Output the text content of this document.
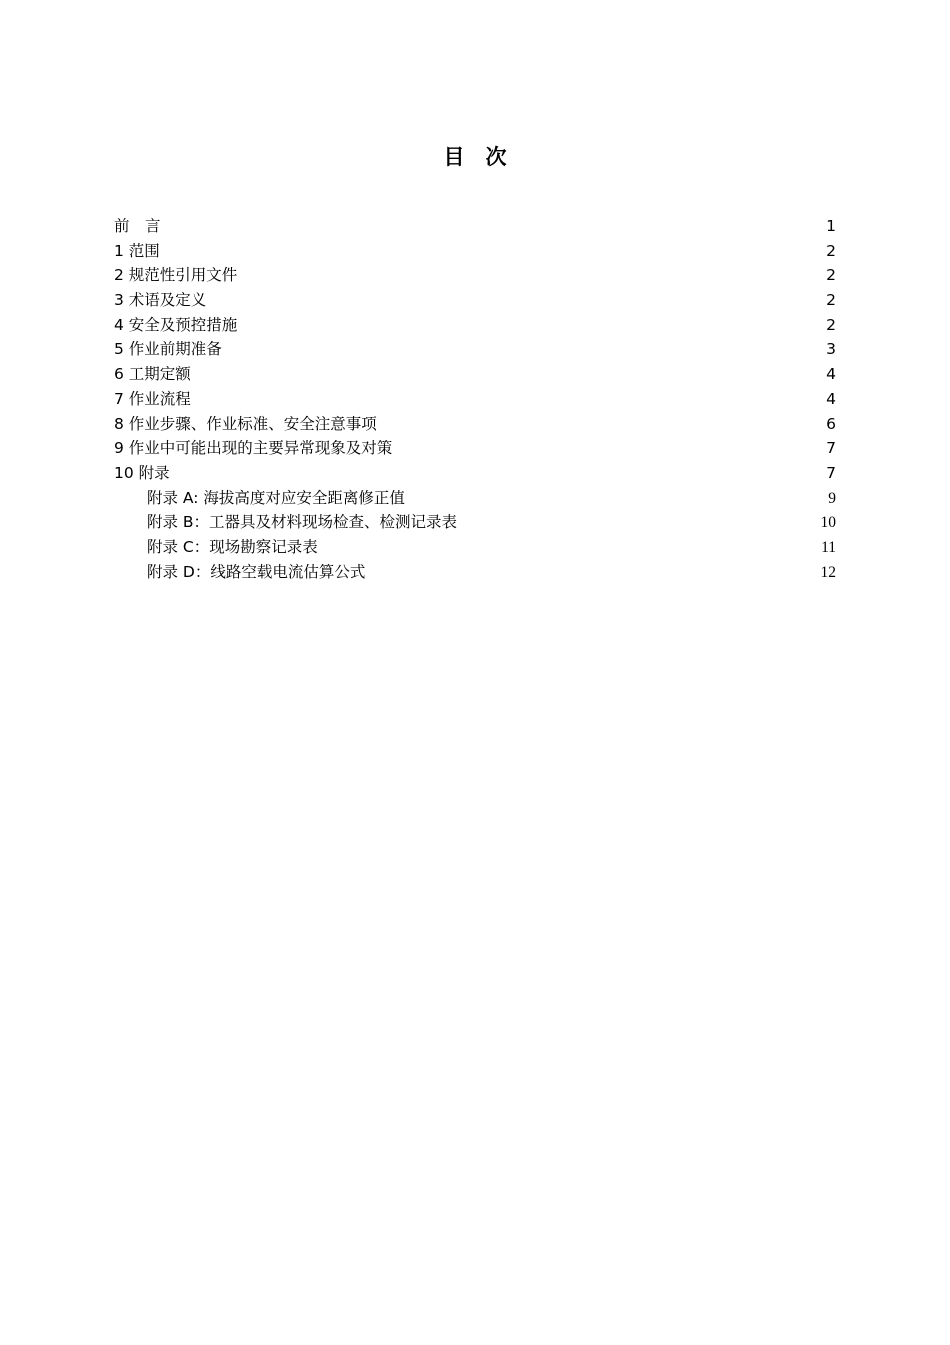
目　次
前　言	1
1 范围	2
2 规范性引用文件	2
3 术语及定义	2
4 安全及预控措施	2
5 作业前期准备	3
6 工期定额	4
7 作业流程	4
8 作业步骤、作业标准、安全注意事项	6
9 作业中可能出现的主要异常现象及对策	7
10 附录	7
附录 A: 海拔高度对应安全距离修正值	9
附录 B：工器具及材料现场检查、检测记录表	10
附录 C：现场勘察记录表	11
附录 D：线路空载电流估算公式	12
